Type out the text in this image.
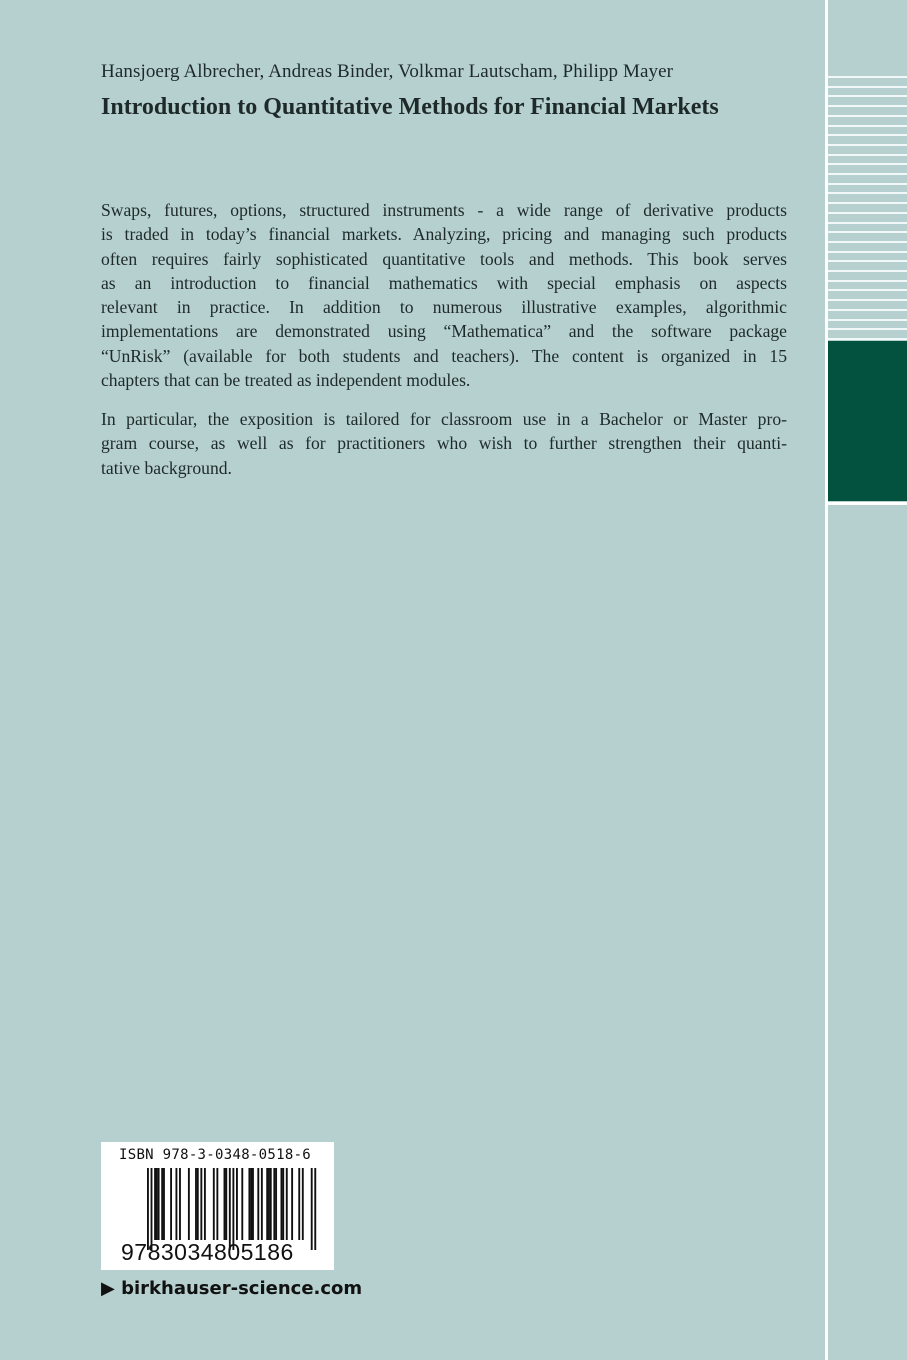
Hansjoerg Albrecher, Andreas Binder, Volkmar Lautscham, Philipp Mayer
Introduction to Quantitative Methods for Financial Markets
Swaps, futures, options, structured instruments - a wide range of derivative products
is traded in today’s financial markets. Analyzing, pricing and managing such products
often requires fairly sophisticated quantitative tools and methods. This book serves
as an introduction to financial mathematics with special emphasis on aspects
relevant in practice. In addition to numerous illustrative examples, algorithmic
implementations are demonstrated using “Mathematica” and the software package
“UnRisk” (available for both students and teachers). The content is organized in 15
chapters that can be treated as independent modules.
In particular, the exposition is tailored for classroom use in a Bachelor or Master pro-
gram course, as well as for practitioners who wish to further strengthen their quanti-
tative background.
ISBN 978-3-0348-0518-6
9783034805186
▶ birkhauser-science.com
